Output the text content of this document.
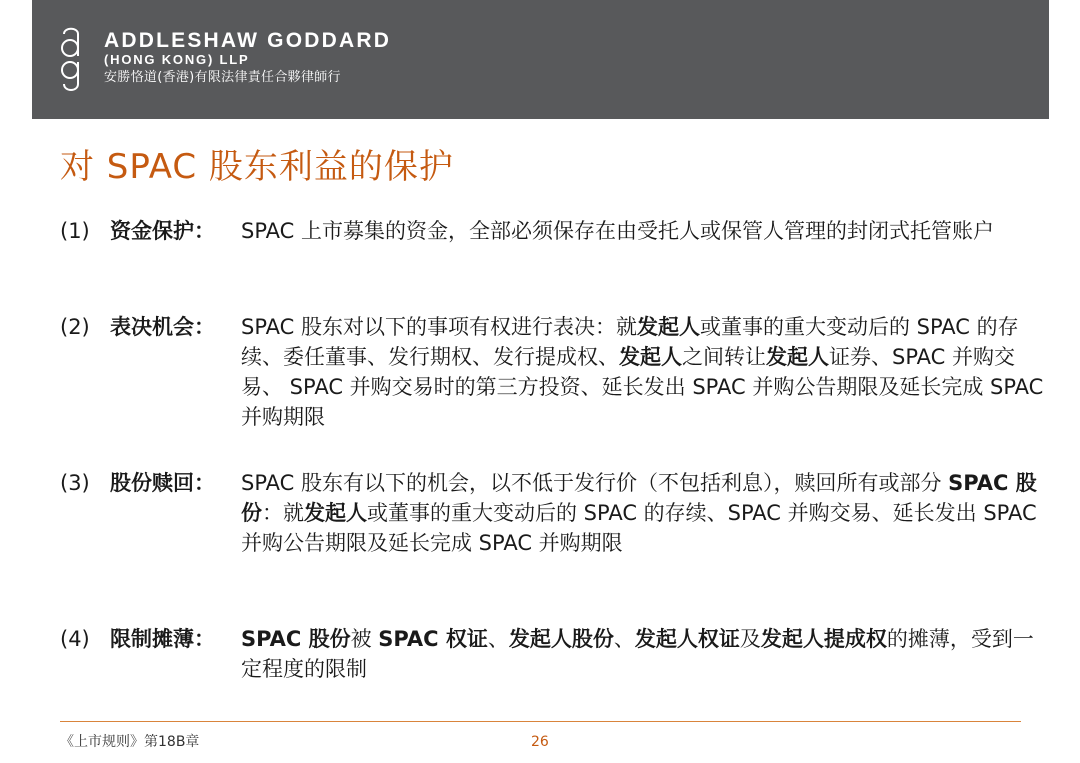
ADDLESHAW GODDARD
(HONG KONG) LLP
安勝恪道(香港)有限法律責任合夥律師行
对 SPAC 股东利益的保护
(1) 资金保护： SPAC 上市募集的资金，全部必须保存在由受托人或保管人管理的封闭式托管账户
(2) 表决机会： SPAC 股东对以下的事项有权进行表决：就发起人或董事的重大变动后的 SPAC 的存续、委任董事、发行期权、发行提成权、发起人之间转让发起人证券、SPAC 并购交易、 SPAC 并购交易时的第三方投资、延长发出 SPAC 并购公告期限及延长完成 SPAC 并购期限
(3) 股份赎回： SPAC 股东有以下的机会，以不低于发行价（不包括利息），赎回所有或部分 SPAC 股份：就发起人或董事的重大变动后的 SPAC 的存续、SPAC 并购交易、延长发出 SPAC 并购公告期限及延长完成 SPAC 并购期限
(4) 限制摊薄： SPAC 股份被 SPAC 权证、发起人股份、发起人权证及发起人提成权的摊薄，受到一定程度的限制
《上市规则》第18B章	26
